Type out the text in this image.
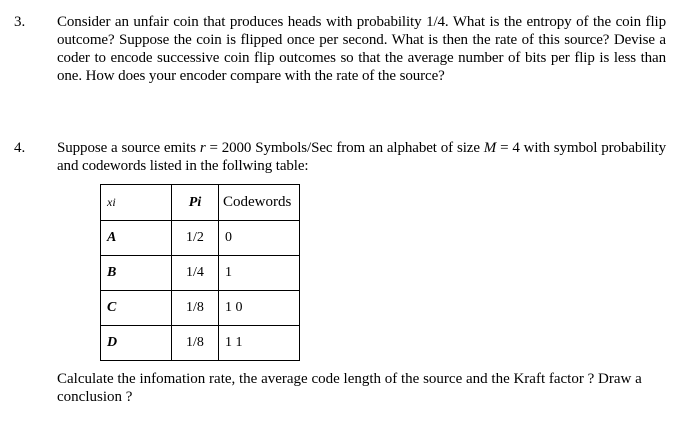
3. Consider an unfair coin that produces heads with probability 1/4. What is the entropy of the coin flip outcome? Suppose the coin is flipped once per second. What is then the rate of this source? Devise a coder to encode successive coin flip outcomes so that the average number of bits per flip is less than one. How does your encoder compare with the rate of the source?
4. Suppose a source emits r = 2000 Symbols/Sec from an alphabet of size M = 4 with symbol probability and codewords listed in the follwing table:
xi	Pi	Codewords
A	1/2	0
B	1/4	1
C	1/8	1 0
D	1/8	1 1
Calculate the infomation rate, the average code length of the source and the Kraft factor ? Draw a conclusion ?
